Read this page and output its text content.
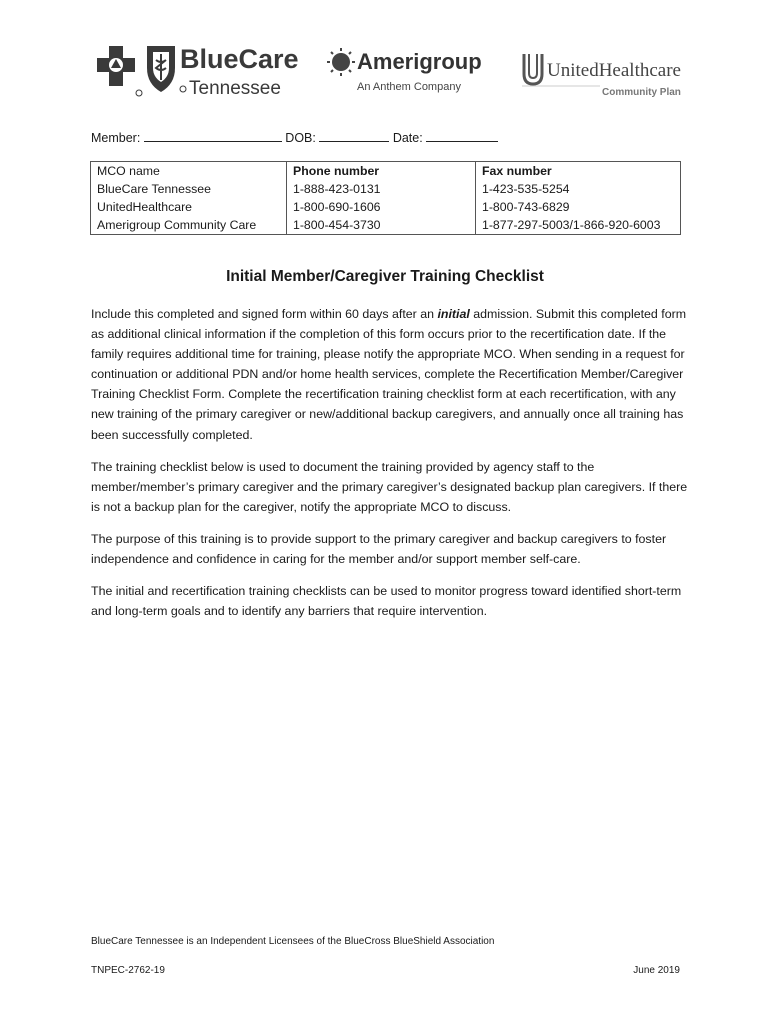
BlueCare
Tennessee
Amerigroup
An Anthem Company
UnitedHealthcare
Community Plan
Member:	DOB:	Date:
MCO name	Phone number	Fax number
BlueCare Tennessee	1-888-423-0131	1-423-535-5254
UnitedHealthcare	1-800-690-1606	1-800-743-6829
Amerigroup Community Care	1-800-454-3730	1-877-297-5003/1-866-920-6003
Initial Member/Caregiver Training Checklist

Include this completed and signed form within 60 days after an initial admission. Submit this completed form as additional clinical information if the completion of this form occurs prior to the recertification date. If the family requires additional time for training, please notify the appropriate MCO. When sending in a request for continuation or additional PDN and/or home health services, complete the Recertification Member/Caregiver Training Checklist Form. Complete the recertification training checklist form at each recertification, with any new training of the primary caregiver or new/additional backup caregivers, and annually once all training has been successfully completed.

The training checklist below is used to document the training provided by agency staff to the member/member’s primary caregiver and the primary caregiver’s designated backup plan caregivers. If there is not a backup plan for the caregiver, notify the appropriate MCO to discuss.

The purpose of this training is to provide support to the primary caregiver and backup caregivers to foster independence and confidence in caring for the member and/or support member self-care.

The initial and recertification training checklists can be used to monitor progress toward identified short-term and long-term goals and to identify any barriers that require intervention.

BlueCare Tennessee is an Independent Licensees of the BlueCross BlueShield Association
TNPEC-2762-19	June 2019
